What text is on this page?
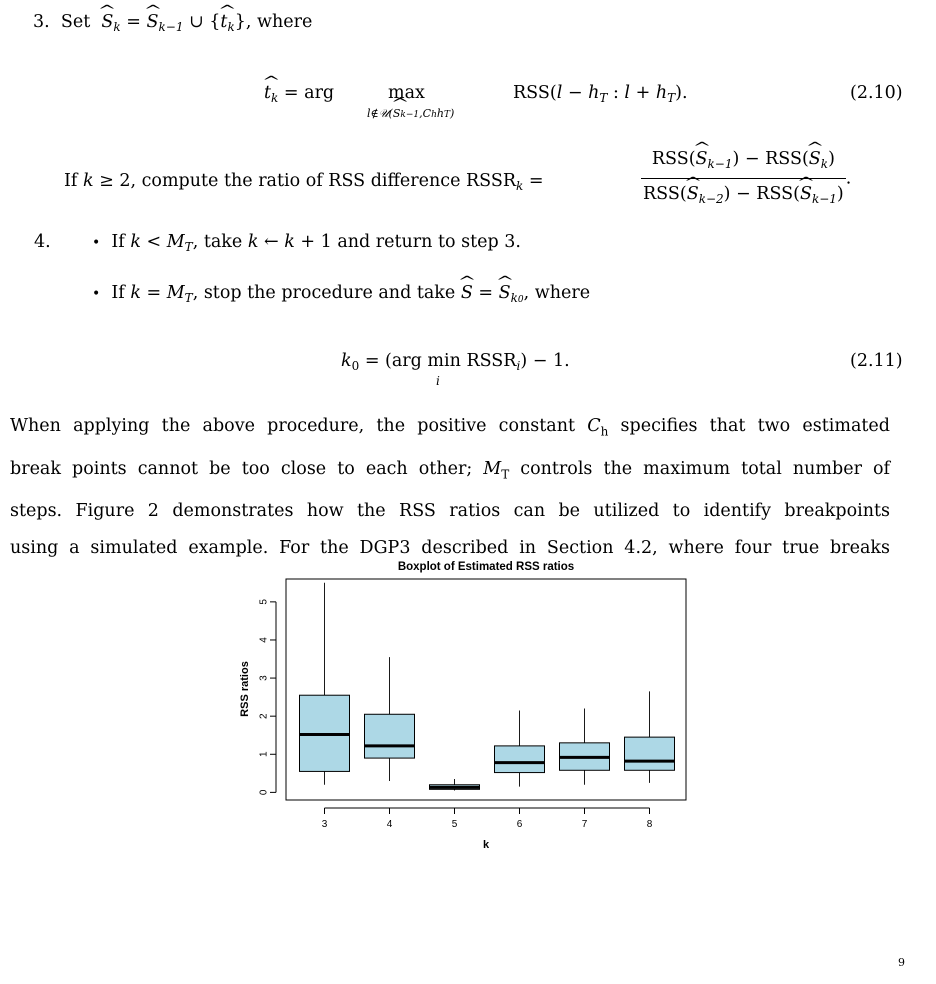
3. Set ^ $S_k$ = ^ $S_{k-1}$ ∪ {^ $t_k$}, where
^ $t_k$ = arg	max
l∉𝒰(^ Sk−1,ChhT)
$RSS(l - h_T$ : $l + h_T$).	(2.10)
If k ≥ 2, compute the ratio of RSS difference $RSSR_k$ =	$\frac{RSS(\^{} S_{k-1}) - RSS(\^{} S_k)}{RSS(\^{} S_{k-2}) - RSS(\^{} S_{k-1})}$ .
4.	•  If $k < M_T$, take k ← k + 1 and return to step 3.
•  If $k = M_T$, stop the procedure and take ^ S = ^ $S_{k0}$, where
$k_0 = (arg$ $\min RSSR_i) - 1$.
i
(2.11)
When applying the above procedure, the positive constant $C_h$ specifies that two estimated
break points cannot be too close to each other; $M_T$ controls the maximum total number of
steps. Figure 2 demonstrates how the RSS ratios can be utilized to identify breakpoints
using a simulated example. For the DGP3 described in Section 4.2, where four true breaks
Boxplot of Estimated RSS ratios
0
1
2
3
4
5
3	4	5	6	7	8
RSS ratios
k
9
